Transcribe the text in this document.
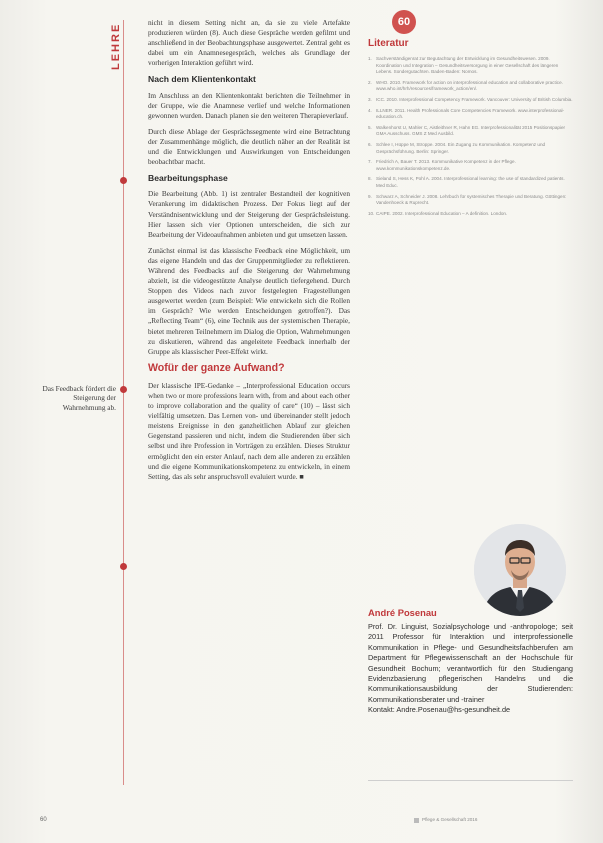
LEHRE

nicht in diesem Setting nicht an, da sie zu viele Artefakte produzieren würden (8). Auch diese Gespräche werden gefilmt und anschließend in der Beobachtungsphase ausgewertet. Zentral geht es dabei um ein Anamnesegespräch, welches als Grundlage der vorherigen Interaktion geführt wird.

Nach dem Klientenkontakt

Im Anschluss an den Klientenkontakt berichten die Teilnehmer in der Gruppe, wie die Anamnese verlief und welche Informationen gewonnen wurden. Danach planen sie den weiteren Therapieverlauf.

Durch diese Ablage der Gesprächssegmente wird eine Betrachtung der Zusammenhänge möglich, die deutlich näher an der Realität ist und die Entwicklungen und Auswirkungen von Entscheidungen beobachtbar macht.

Bearbeitungsphase

Die Bearbeitung (Abb. 1) ist zentraler Bestandteil der kognitiven Verankerung im didaktischen Prozess. Der Fokus liegt auf der Verständnisentwicklung und der Steigerung der Gesprächsleistung. Hier lassen sich vier Optionen unterscheiden, die sich zur Bearbeitung der Videoaufnahmen anbieten und gut umsetzen lassen.

Zunächst einmal ist das klassische Feedback eine Möglichkeit, um das eigene Handeln und das der Gruppenmitglieder zu reflektieren. Während des Feedbacks auf die Steigerung der Wahrnehmung abzielt, ist die videogestützte Analyse deutlich tiefergehend. Durch Stoppen des Videos nach zuvor festgelegten Fragestellungen ausgewertet werden (zum Beispiel: Wie entwickeln sich die Rollen im Gespräch? Wie werden Entscheidungen getroffen?). Das „Reflecting Team“ (6), eine Technik aus der systemischen Therapie, bietet mehreren Teilnehmern im Dialog die Option, Wahrnehmungen zu diskutieren, während das angeleitete Feedback innerhalb der Gruppe als klassischer Peer-Effekt wirkt.

Wofür der ganze Aufwand?

Der klassische IPE-Gedanke – „Interprofessional Education occurs when two or more professions learn with, from and about each other to improve collaboration and the quality of care“ (10) – lässt sich vielfältig umsetzen. Das Lernen von- und übereinander stellt jedoch meistens Ereignisse in den ganzheitlichen Ablauf zur gleichen Gegenstand passieren und nicht, indem die Studierenden über sich selbst und ihre Profession in Vorträgen zu erzählen. Dieses Struktur ermöglicht den ein erster Anlauf, nach dem alle anderen zu erzählen und die eigene Kommunikationskompetenz zu entwickeln, in einem Setting, das als sehr anspruchsvoll evaluiert wurde. ■

Das Feedback fördert die Steigerung der Wahrnehmung ab.
60
Literatur
1. Sachverständigenrat zur Begutachtung der Entwicklung im Gesundheitswesen. 2009. Koordination und Integration – Gesundheitsversorgung in einer Gesellschaft des längeren Lebens. Sondergutachten. Baden-Baden: Nomos.
2. WHO. 2010. Framework for action on interprofessional education and collaborative practice. www.who.int/hrh/resources/framework_action/en/.
3. ICC. 2010. Interprofessional Competency Framework. Vancouver: University of British Columbia.
4. ILLNER. 2011. Health Professionals Core Competencies Framework. www.interprofessional-education.ch.
5. Walkenhorst U, Mahler C, Aistleithner R, Hahn EG. Interprofessionalität 2015 Positionspapier GMA Ausschuss. GMS Z Med Ausbild.
6. Schlee I, Hüppe M, Stroppe. 2004. Ein Zugang zu Kommunikation. Kompetenz und Gesprächsführung. Berlin: Springer.
7. Friedrich A, Bauer T. 2013. Kommunikative Kompetenz in der Pflege. www.kommunikationskompetenz.de.
8. Sieland S, Hess K, Pohl A. 2004. Interprofessional learning: the use of standardized patients. Med Educ.
9. Schwarz A, Schneider J. 2008. Lehrbuch für systemisches Therapie und Beratung. Göttingen: Vandenhoeck & Ruprecht.
10. CAIPE. 2002. Interprofessional Education – A definition. London.
André Posenau
Prof. Dr. Linguist, Sozialpsychologe und -anthropologe; seit 2011 Professor für Interaktion und interprofessionelle Kommunikation in Pflege- und Gesundheitsfachberufen am Department für Pflegewissenschaft an der Hochschule für Gesundheit Bochum; verantwortlich für den Studiengang Evidenzbasierung pflegerischen Handelns und die Kommunikationsausbildung der Studierenden: Kommunikationsberater und -trainer
Kontakt: Andre.Posenau@hs-gesundheit.de
60	Pflege & Gesellschaft 2016
